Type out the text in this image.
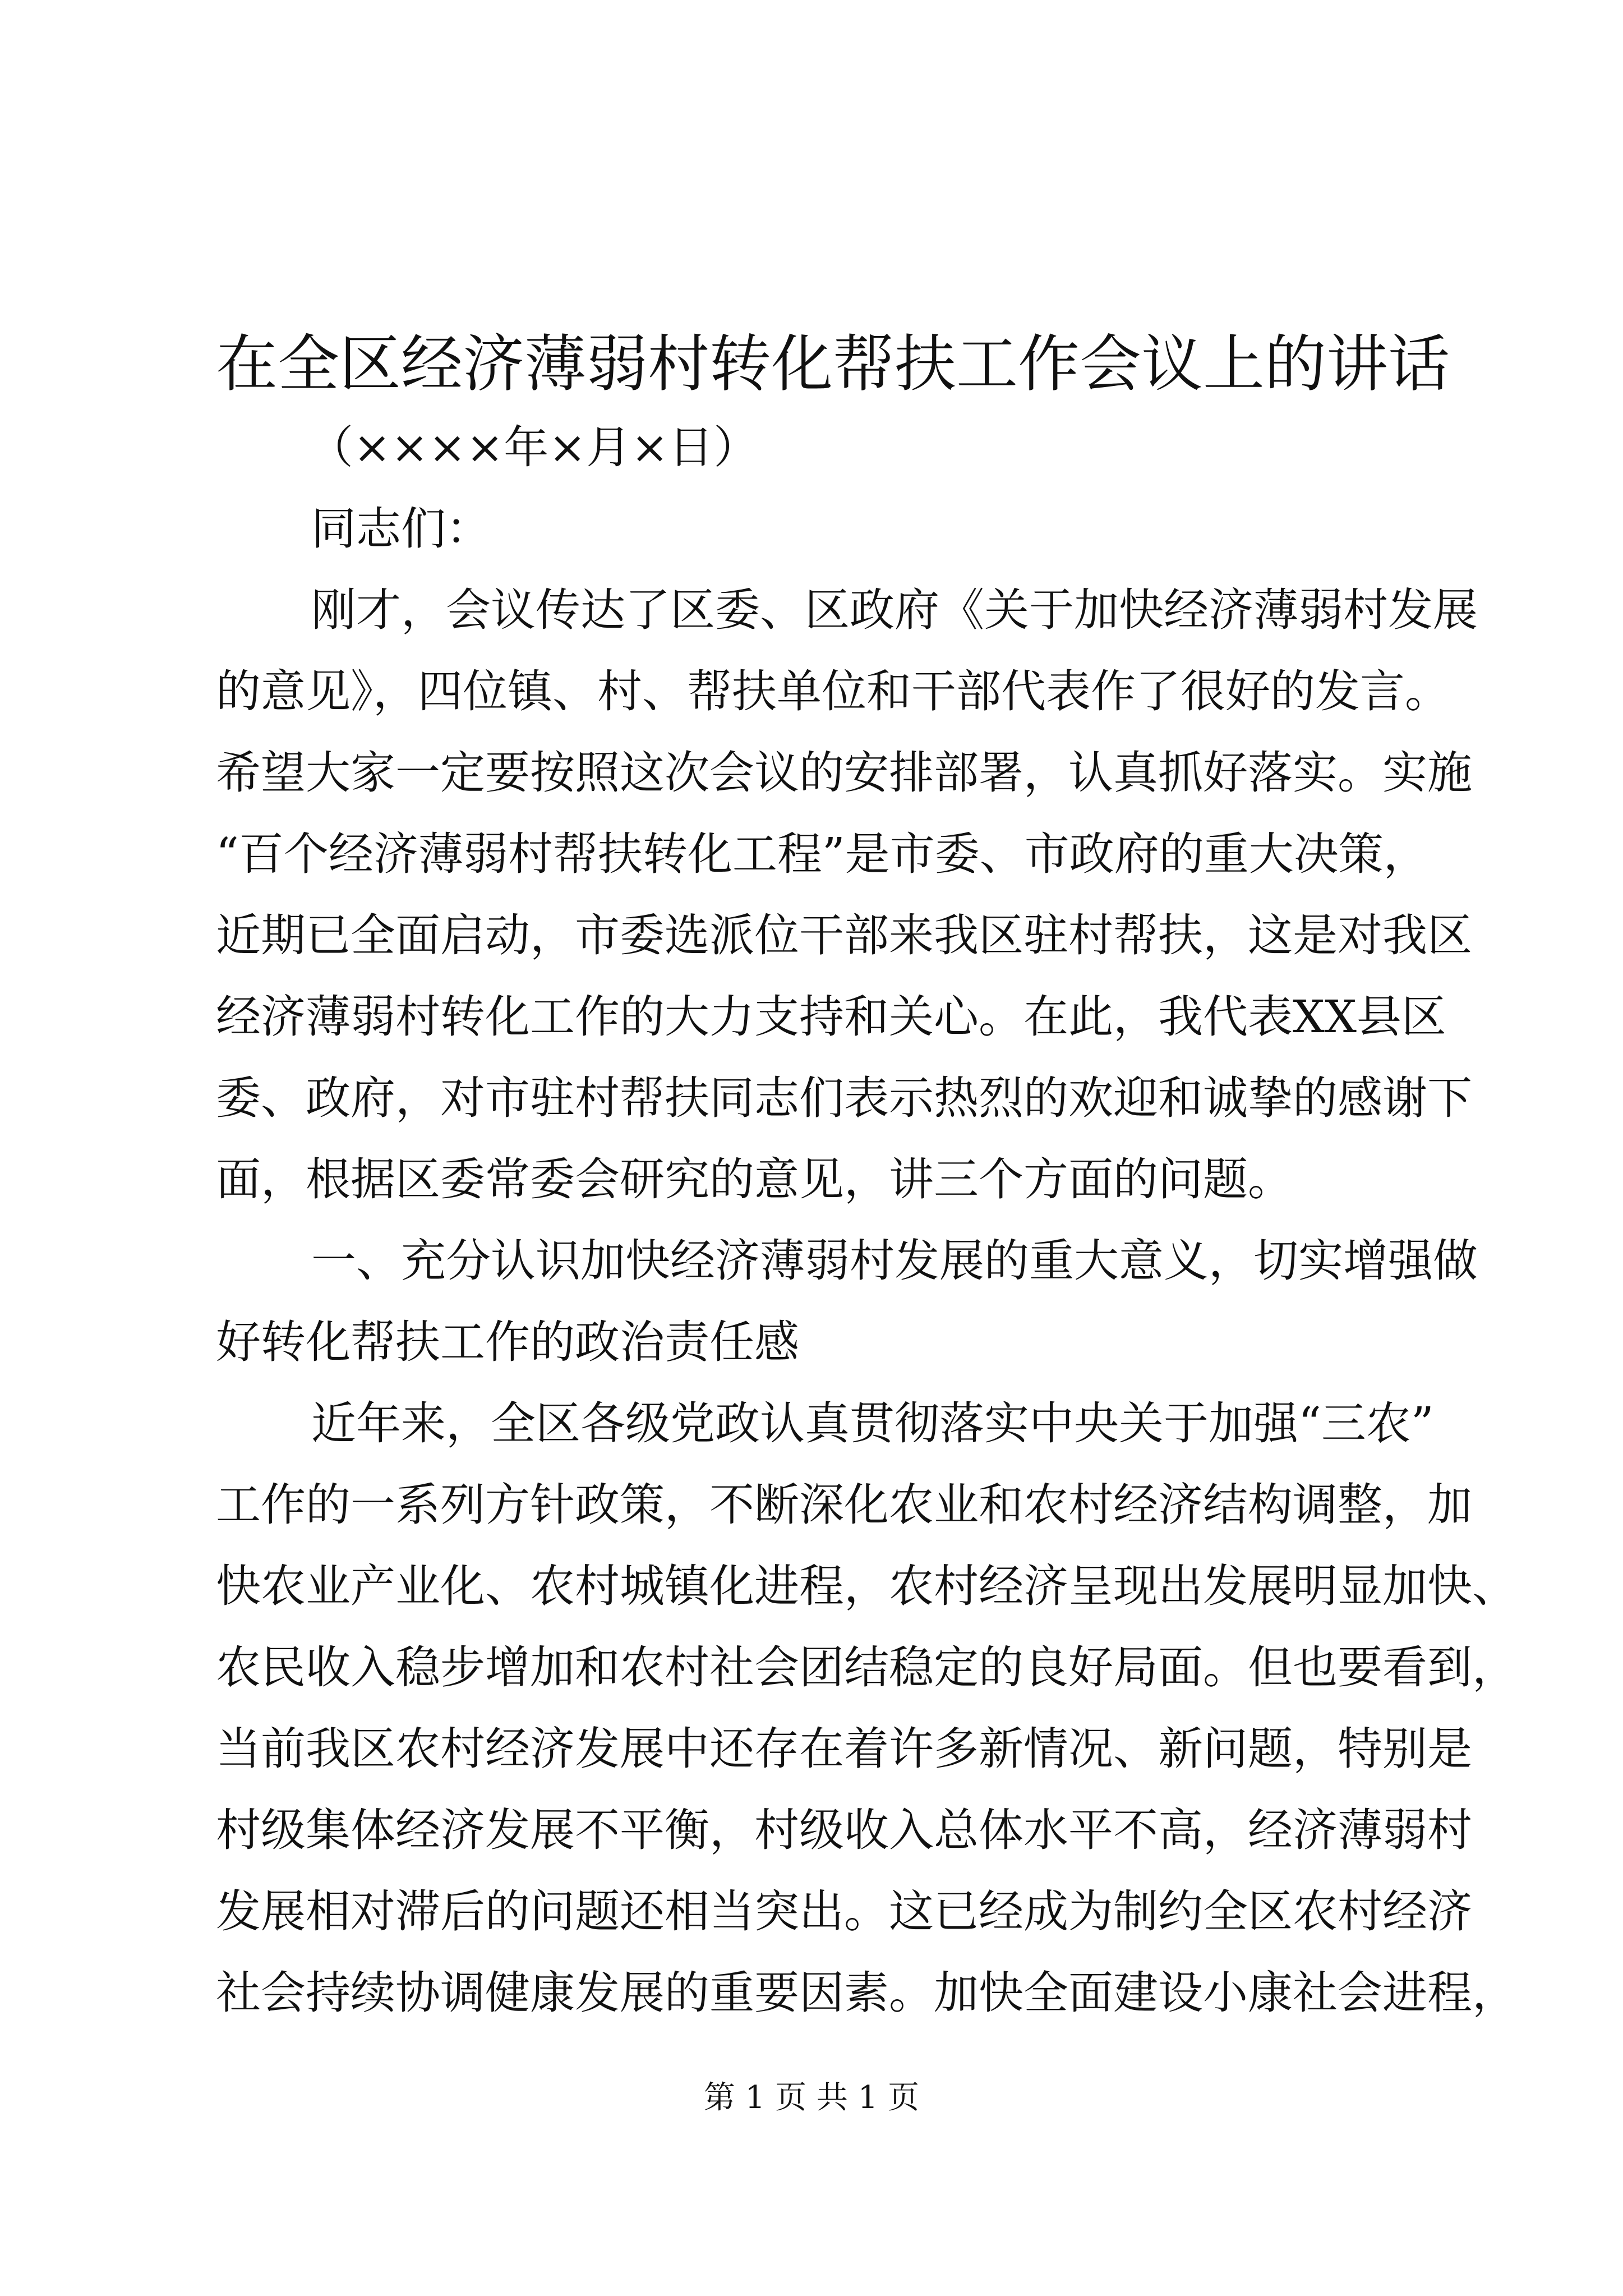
在全区经济薄弱村转化帮扶工作会议上的讲话
（××××年×月×日）
同志们：
刚才，会议传达了区委、区政府《关于加快经济薄弱村发展
的意见》，四位镇、村、帮扶单位和干部代表作了很好的发言。
希望大家一定要按照这次会议的安排部署，认真抓好落实。实施
“百个经济薄弱村帮扶转化工程”是市委、市政府的重大决策，
近期已全面启动，市委选派位干部来我区驻村帮扶，这是对我区
经济薄弱村转化工作的大力支持和关心。在此，我代表XX县区
委、政府，对市驻村帮扶同志们表示热烈的欢迎和诚挚的感谢下
面，根据区委常委会研究的意见，讲三个方面的问题。
一、充分认识加快经济薄弱村发展的重大意义，切实增强做
好转化帮扶工作的政治责任感
近年来，全区各级党政认真贯彻落实中央关于加强“三农”
工作的一系列方针政策，不断深化农业和农村经济结构调整，加
快农业产业化、农村城镇化进程，农村经济呈现出发展明显加快、
农民收入稳步增加和农村社会团结稳定的良好局面。但也要看到，
当前我区农村经济发展中还存在着许多新情况、新问题，特别是
村级集体经济发展不平衡，村级收入总体水平不高，经济薄弱村
发展相对滞后的问题还相当突出。这已经成为制约全区农村经济
社会持续协调健康发展的重要因素。加快全面建设小康社会进程，
第 1 页 共 1 页
